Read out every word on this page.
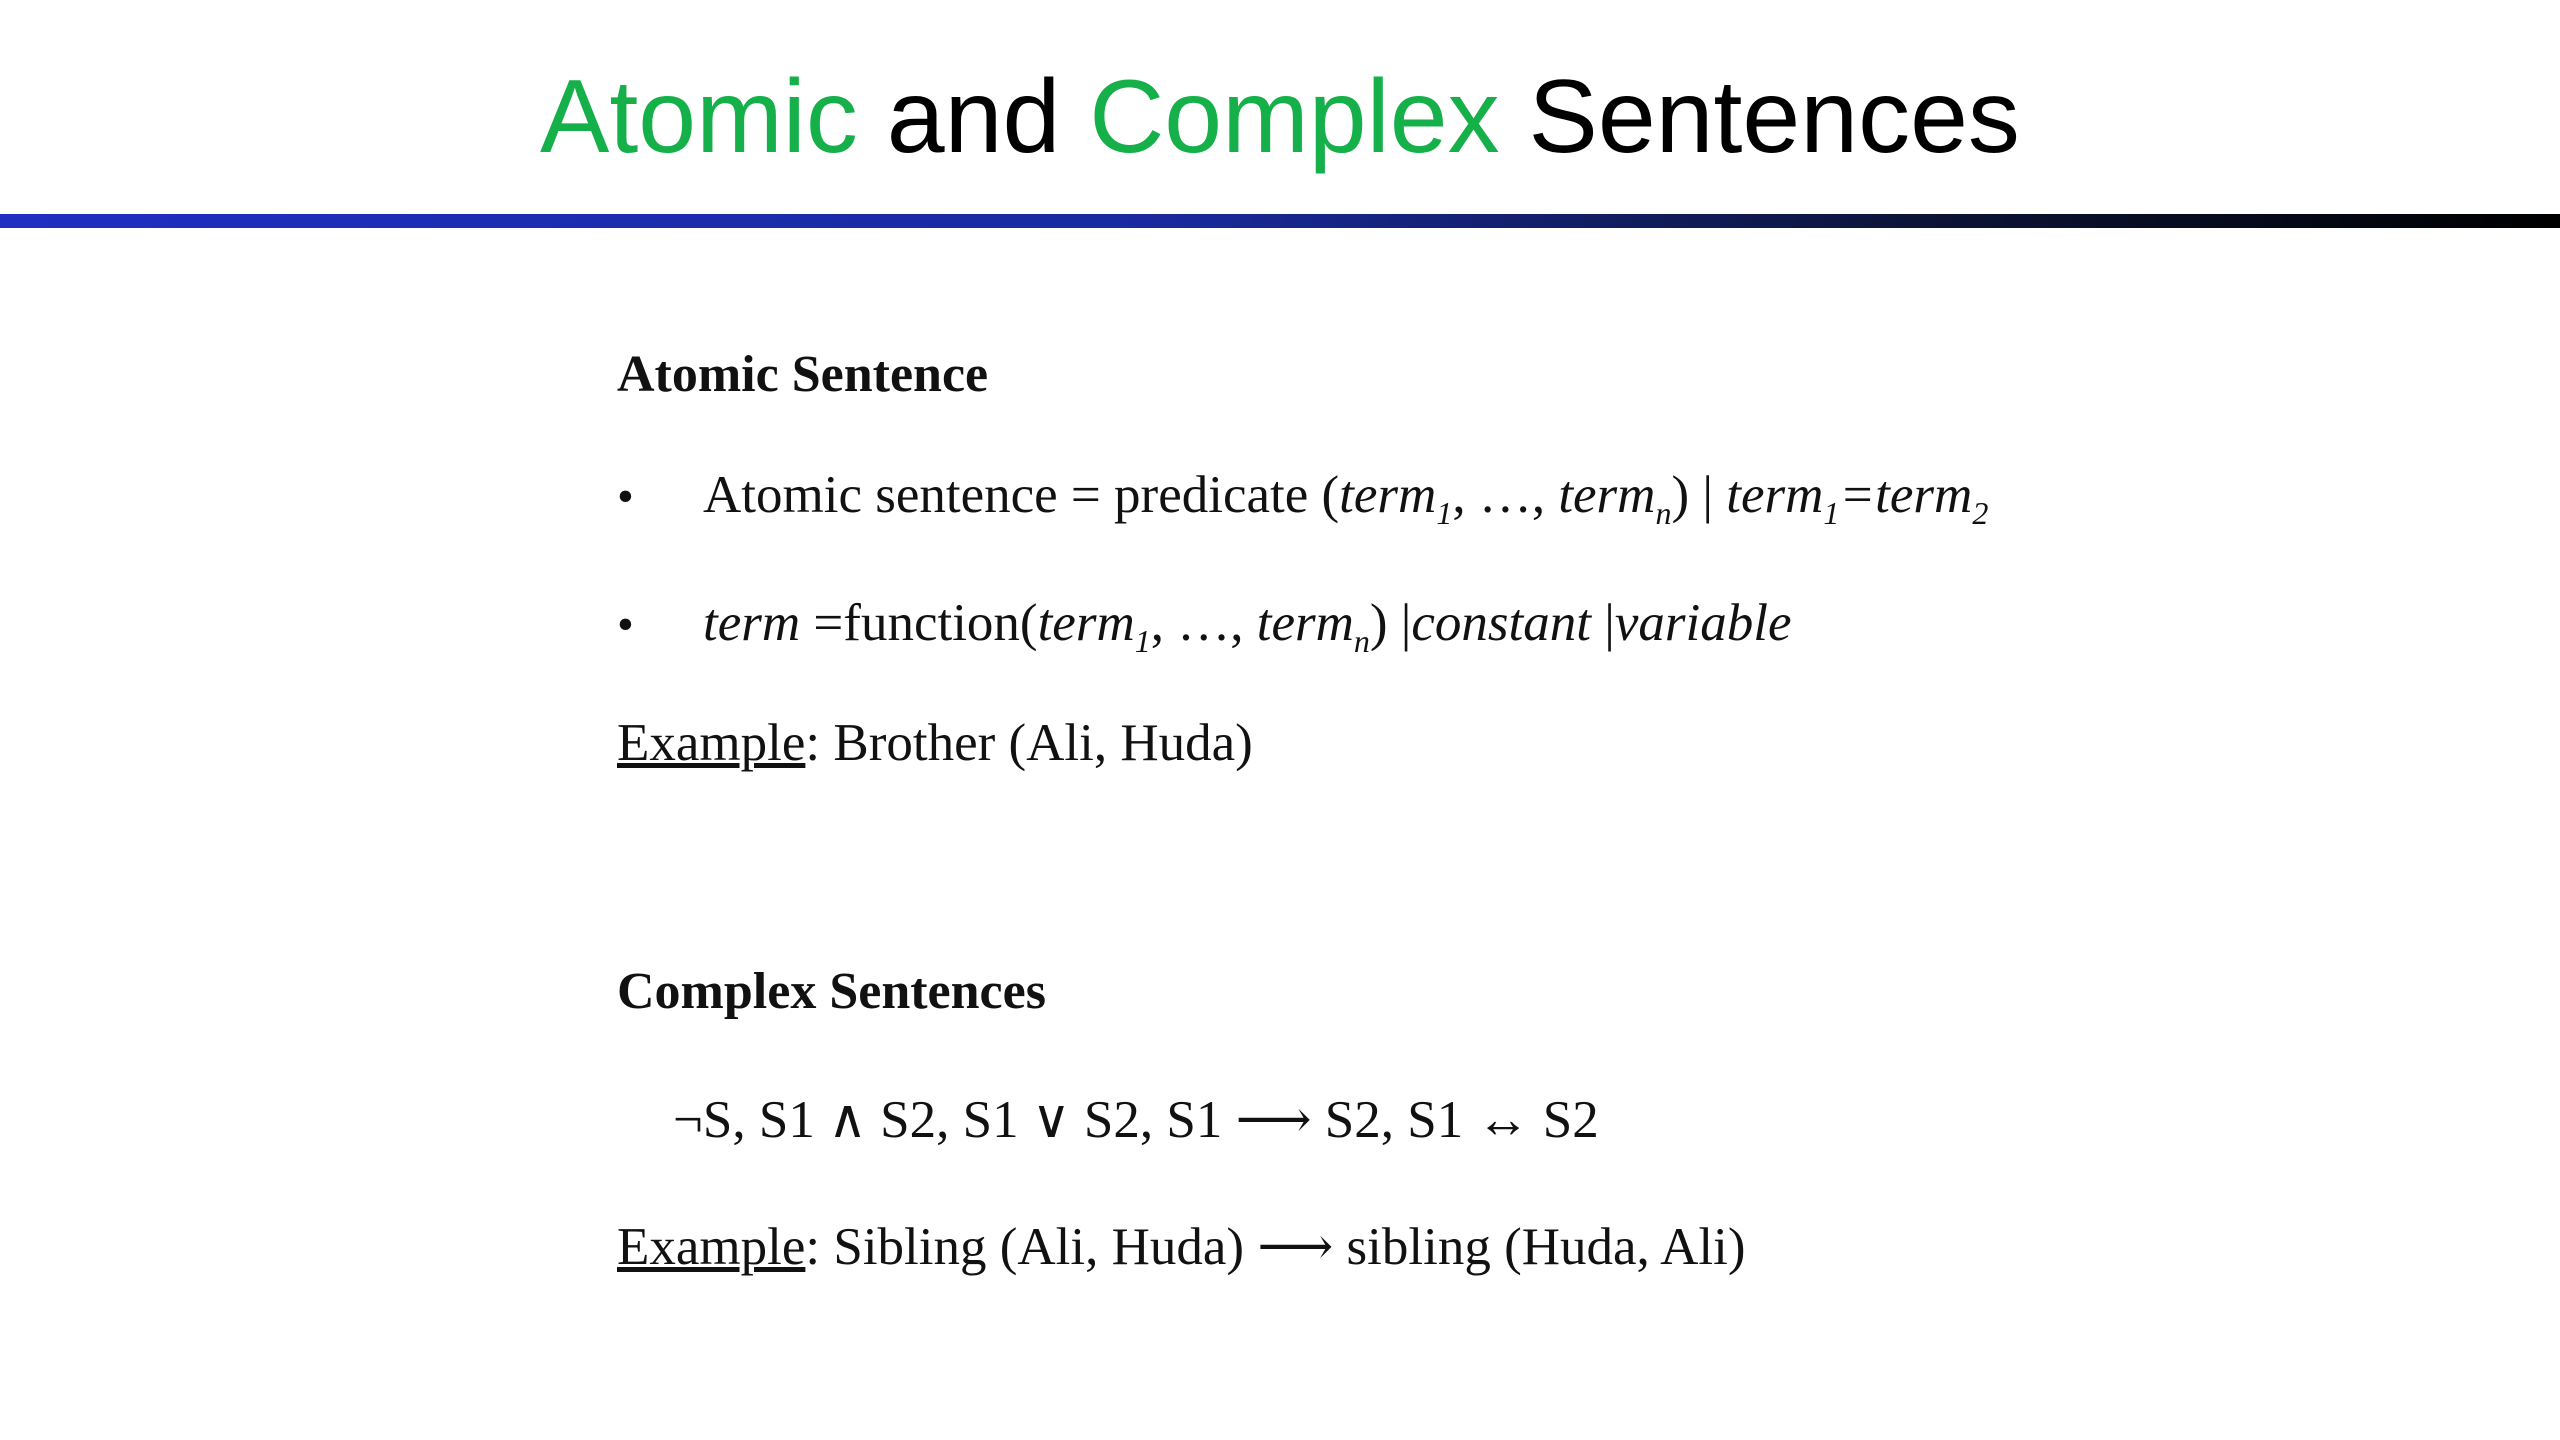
Atomic and Complex Sentences
Atomic Sentence
• Atomic sentence = predicate (term$_1$, …, term$_n$) | term$_1$=term$_2$
• term =function(term$_1$, …, term$_n$) |constant |variable
Example: Brother (Ali, Huda)
Complex Sentences
¬S, S1 ∧ S2, S1 ∨ S2, S1 ⟶ S2, S1 ↔ S2
Example: Sibling (Ali, Huda) ⟶ sibling (Huda, Ali)
